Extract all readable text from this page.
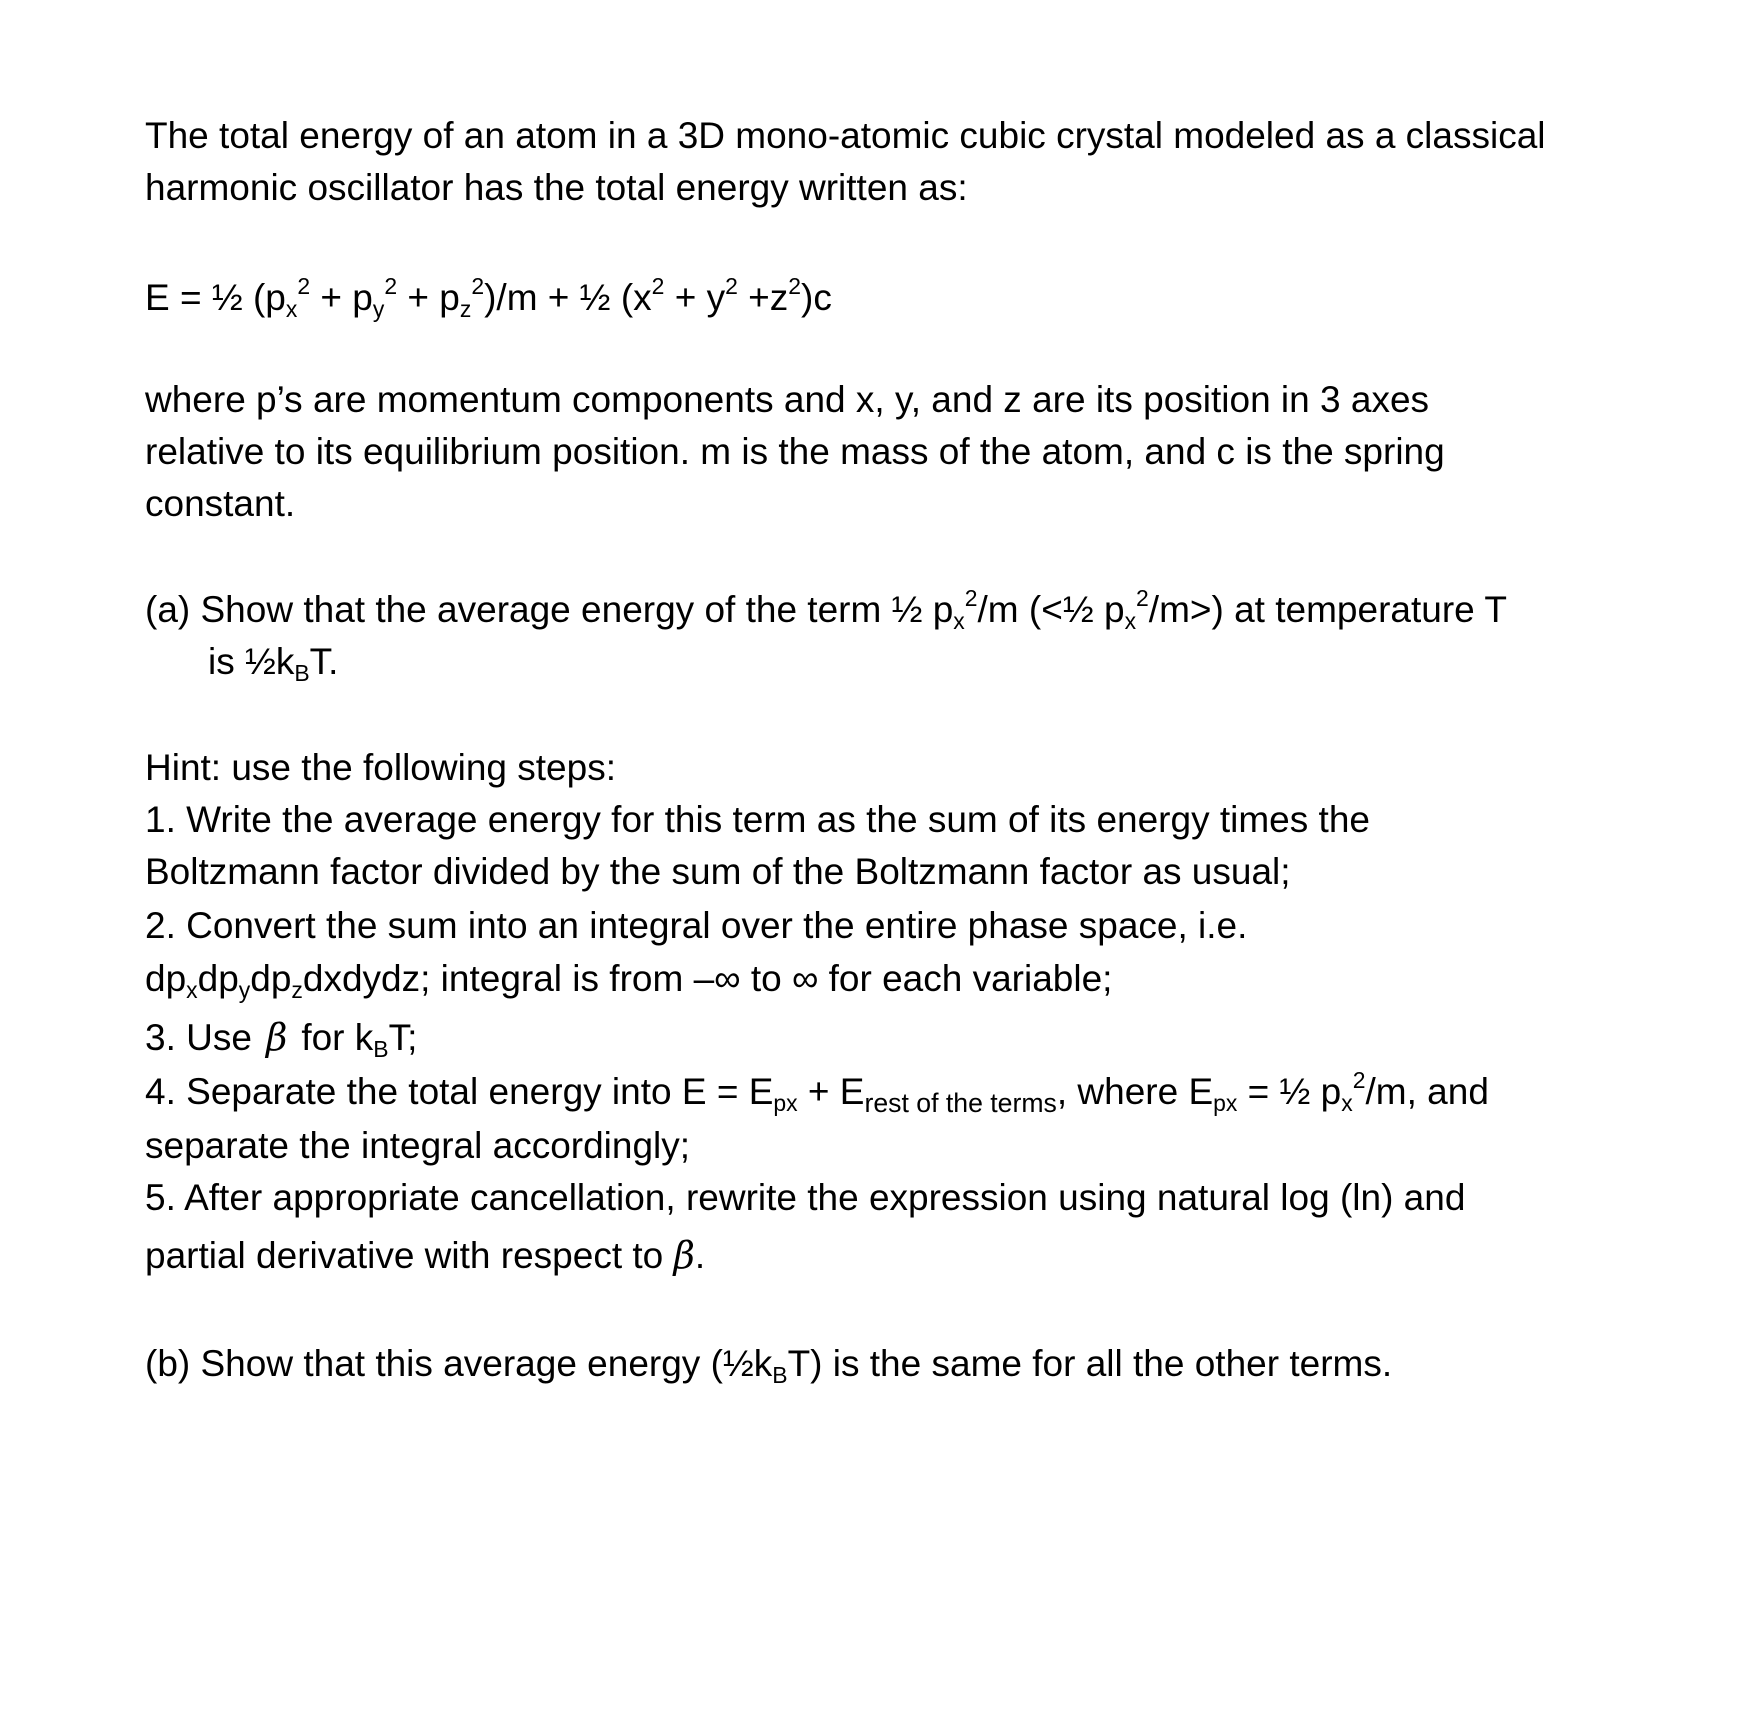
The total energy of an atom in a 3D mono-atomic cubic crystal modeled as a classical
harmonic oscillator has the total energy written as:
E = ½ $(p_x^2 + p_y^2 + p_z^2)/m$ + ½ $(x^2 + y^2 +z^2)c$
where p’s are momentum components and x, y, and z are its position in 3 axes
relative to its equilibrium position. m is the mass of the atom, and c is the spring
constant.
(a) Show that the average energy of the term ½ $p_x^2/m$ (<½ $p_x^2/m>$) at temperature T
is $\frac{1}{2}k_BT$.
Hint: use the following steps:
1. Write the average energy for this term as the sum of its energy times the
Boltzmann factor divided by the sum of the Boltzmann factor as usual;
2. Convert the sum into an integral over the entire phase space, i.e.
$dp_xdp_ydp_zdxdydz$; integral is from –∞ to ∞ for each variable;
3. Use β for $k_BT$;
4. Separate the total energy into $E = E_{px} + E_{rest of the terms}$, where $E_{px}$ = ½ $p_x^2/m$, and
separate the integral accordingly;
5. After appropriate cancellation, rewrite the expression using natural log (ln) and
partial derivative with respect to β.
(b) Show that this average energy $(\frac{1}{2}k_BT)$ is the same for all the other terms.
